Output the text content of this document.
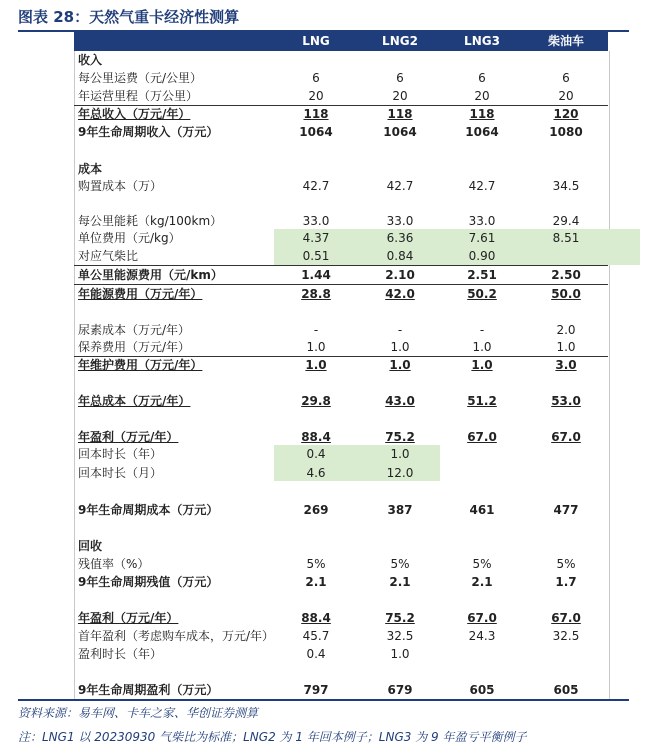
图表 28：天然气重卡经济性测算
LNG	LNG2	LNG3	柴油车
收入
每公里运费（元/公里）	6	6	6	6
年运营里程（万公里）	20	20	20	20
年总收入（万元/年）	118	118	118	120
9年生命周期收入（万元）	1064	1064	1064	1080
成本
购置成本（万）	42.7	42.7	42.7	34.5
每公里能耗（kg/100km）	33.0	33.0	33.0	29.4
单位费用（元/kg）	4.37	6.36	7.61	8.51
对应气柴比	0.51	0.84	0.90
单公里能源费用（元/km）	1.44	2.10	2.51	2.50
年能源费用（万元/年）	28.8	42.0	50.2	50.0
尿素成本（万元/年）	-	-	-	2.0
保养费用（万元/年）	1.0	1.0	1.0	1.0
年维护费用（万元/年）	1.0	1.0	1.0	3.0
年总成本（万元/年）	29.8	43.0	51.2	53.0
年盈利（万元/年）	88.4	75.2	67.0	67.0
回本时长（年）	0.4	1.0
回本时长（月）	4.6	12.0
9年生命周期成本（万元）	269	387	461	477
回收
残值率（%）	5%	5%	5%	5%
9年生命周期残值（万元）	2.1	2.1	2.1	1.7
年盈利（万元/年）	88.4	75.2	67.0	67.0
首年盈利（考虑购车成本，万元/年）	45.7	32.5	24.3	32.5
盈利时长（年）	0.4	1.0
9年生命周期盈利（万元）	797	679	605	605
资料来源：易车网、卡车之家、华创证券测算
注：LNG1 以 20230930 气柴比为标准；LNG2 为 1 年回本例子；LNG3 为 9 年盈亏平衡例子
